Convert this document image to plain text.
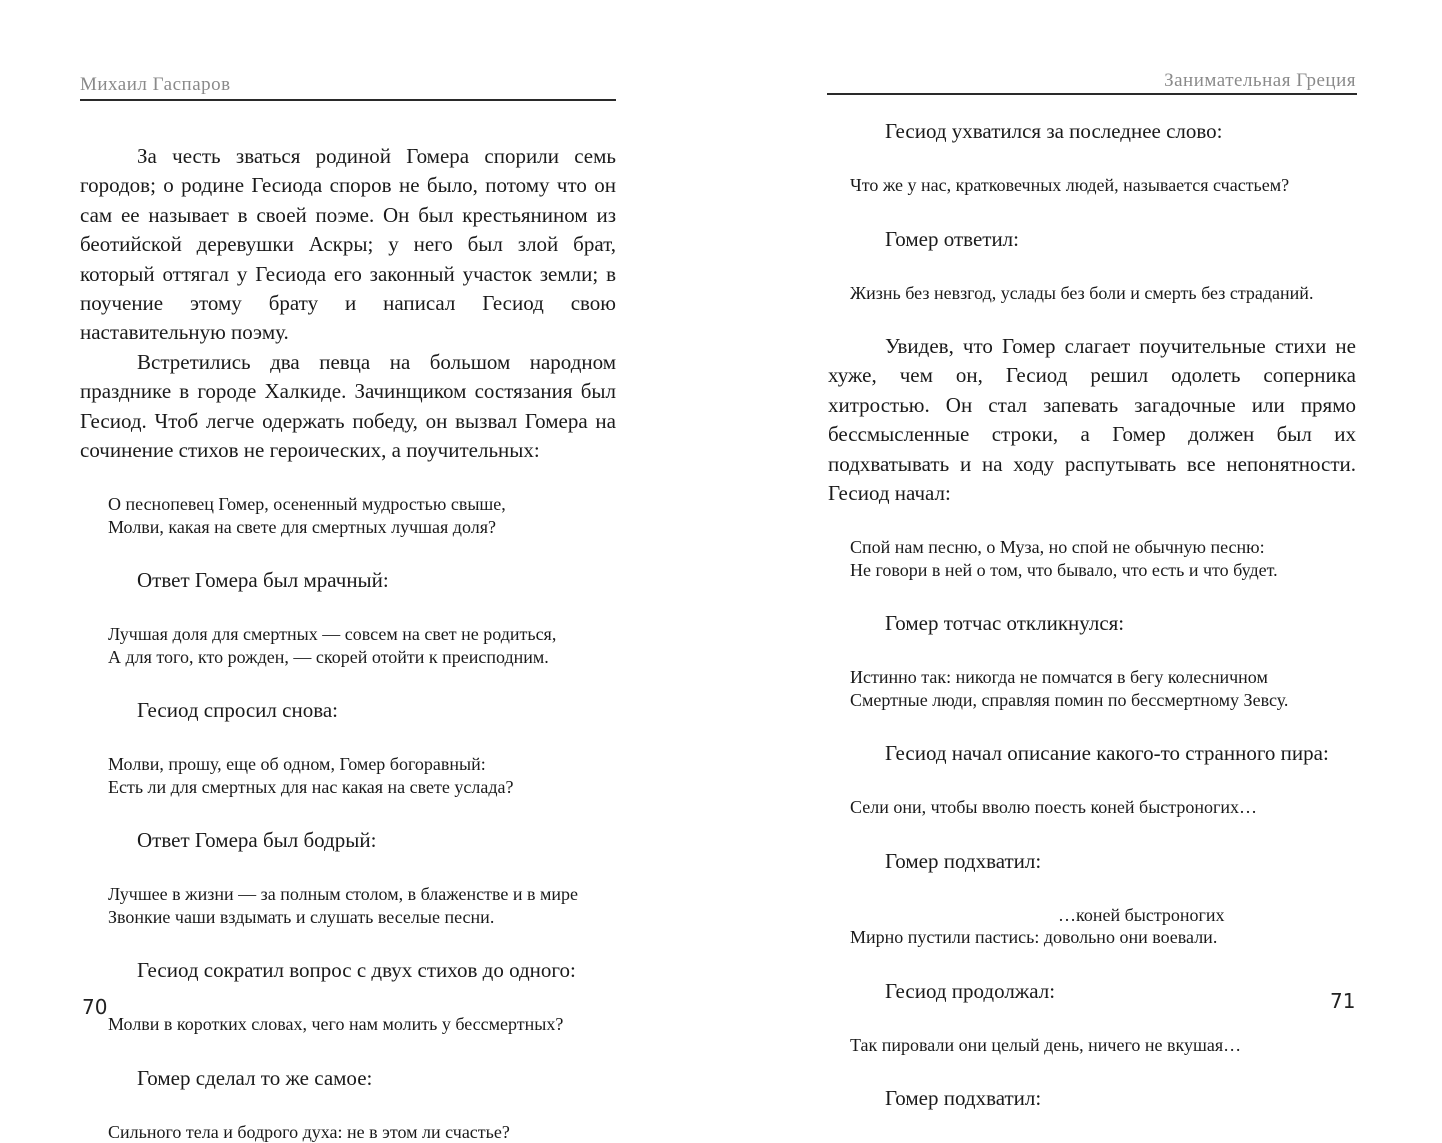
Михаил Гаспаров

За честь зваться родиной Гомера спорили семь городов; о родине Гесиода споров не было, потому что он сам ее называет в своей поэме. Он был крестьянином из беотийской деревушки Аскры; у него был злой брат, который оттягал у Гесиода его законный участок земли; в поучение этому брату и написал Гесиод свою наставительную поэму.

Встретились два певца на большом народном празднике в городе Халкиде. Зачинщиком состязания был Гесиод. Чтоб легче одержать победу, он вызвал Гомера на сочинение стихов не героических, а поучительных:

О песнопевец Гомер, осененный мудростью свыше,
Молви, какая на свете для смертных лучшая доля?

Ответ Гомера был мрачный:

Лучшая доля для смертных — совсем на свет не родиться,
А для того, кто рожден, — скорей отойти к преисподним.

Гесиод спросил снова:

Молви, прошу, еще об одном, Гомер богоравный:
Есть ли для смертных для нас какая на свете услада?

Ответ Гомера был бодрый:

Лучшее в жизни — за полным столом, в блаженстве и в мире
Звонкие чаши вздымать и слушать веселые песни.

Гесиод сократил вопрос с двух стихов до одного:

Молви в коротких словах, чего нам молить у бессмертных?

Гомер сделал то же самое:

Сильного тела и бодрого духа: не в этом ли счастье?
70
Занимательная Греция

Гесиод ухватился за последнее слово:

Что же у нас, кратковечных людей, называется счастьем?

Гомер ответил:

Жизнь без невзгод, услады без боли и смерть без страданий.

Увидев, что Гомер слагает поучительные стихи не хуже, чем он, Гесиод решил одолеть соперника хитростью. Он стал запевать загадочные или прямо бессмысленные строки, а Гомер должен был их подхватывать и на ходу распутывать все непонятности. Гесиод начал:

Спой нам песню, о Муза, но спой не обычную песню:
Не говори в ней о том, что бывало, что есть и что будет.

Гомер тотчас откликнулся:

Истинно так: никогда не помчатся в бегу колесничном
Смертные люди, справляя помин по бессмертному Зевсу.

Гесиод начал описание какого-то странного пира:

Сели они, чтобы вволю поесть коней быстроногих…

Гомер подхватил:

…коней быстроногих
Мирно пустили пастись: довольно они воевали.

Гесиод продолжал:

Так пировали они целый день, ничего не вкушая…

Гомер подхватил:

71
